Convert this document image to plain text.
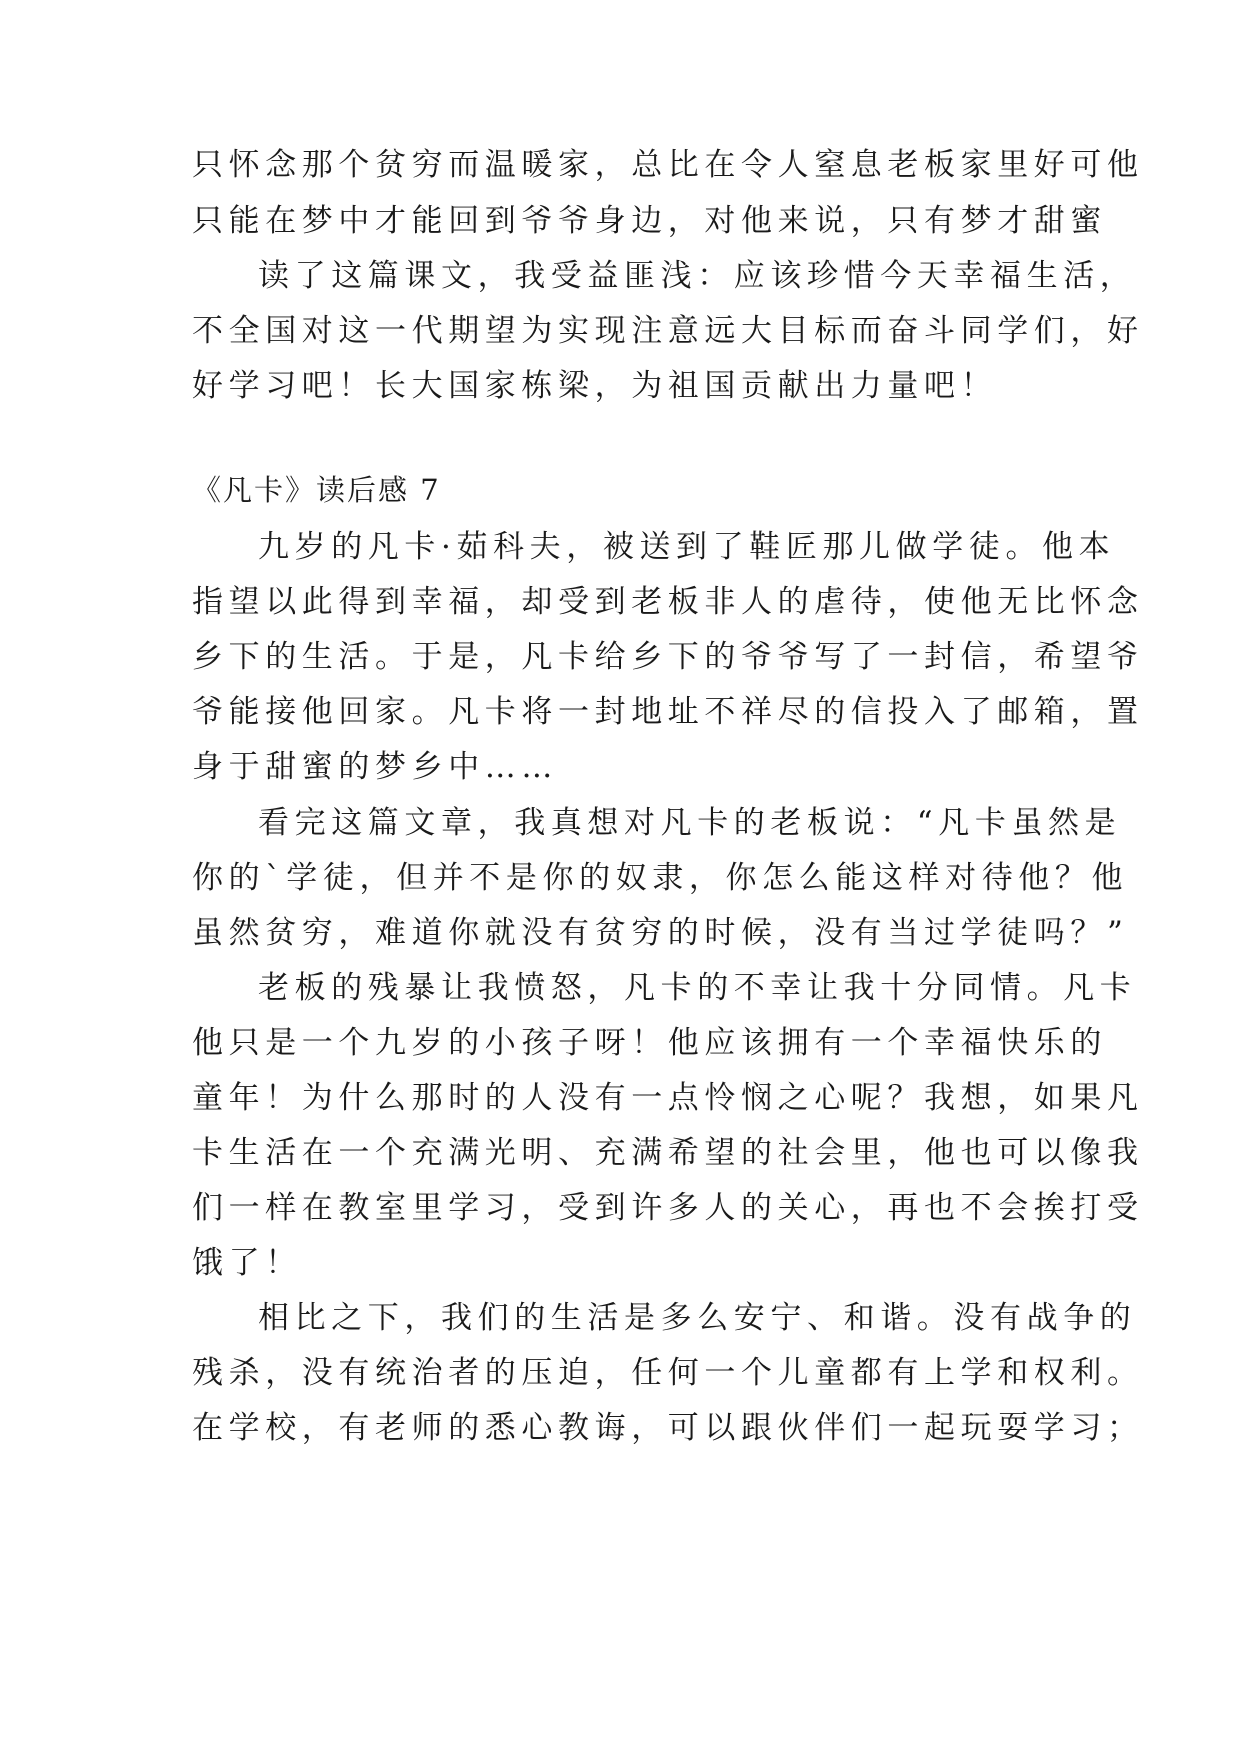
只怀念那个贫穷而温暖家，总比在令人窒息老板家里好可他
只能在梦中才能回到爷爷身边，对他来说，只有梦才甜蜜
读了这篇课文，我受益匪浅：应该珍惜今天幸福生活，
不全国对这一代期望为实现注意远大目标而奋斗同学们，好
好学习吧！长大国家栋梁，为祖国贡献出力量吧！
《凡卡》读后感 7
九岁的凡卡·茹科夫，被送到了鞋匠那儿做学徒。他本
指望以此得到幸福，却受到老板非人的虐待，使他无比怀念
乡下的生活。于是，凡卡给乡下的爷爷写了一封信，希望爷
爷能接他回家。凡卡将一封地址不祥尽的信投入了邮箱，置
身于甜蜜的梦乡中……
看完这篇文章，我真想对凡卡的老板说：“凡卡虽然是
你的`学徒，但并不是你的奴隶，你怎么能这样对待他？他
虽然贫穷，难道你就没有贫穷的时候，没有当过学徒吗？”
老板的残暴让我愤怒，凡卡的不幸让我十分同情。凡卡
他只是一个九岁的小孩子呀！他应该拥有一个幸福快乐的
童年！为什么那时的人没有一点怜悯之心呢？我想，如果凡
卡生活在一个充满光明、充满希望的社会里，他也可以像我
们一样在教室里学习，受到许多人的关心，再也不会挨打受
饿了！
相比之下，我们的生活是多么安宁、和谐。没有战争的
残杀，没有统治者的压迫，任何一个儿童都有上学和权利。
在学校，有老师的悉心教诲，可以跟伙伴们一起玩耍学习；
